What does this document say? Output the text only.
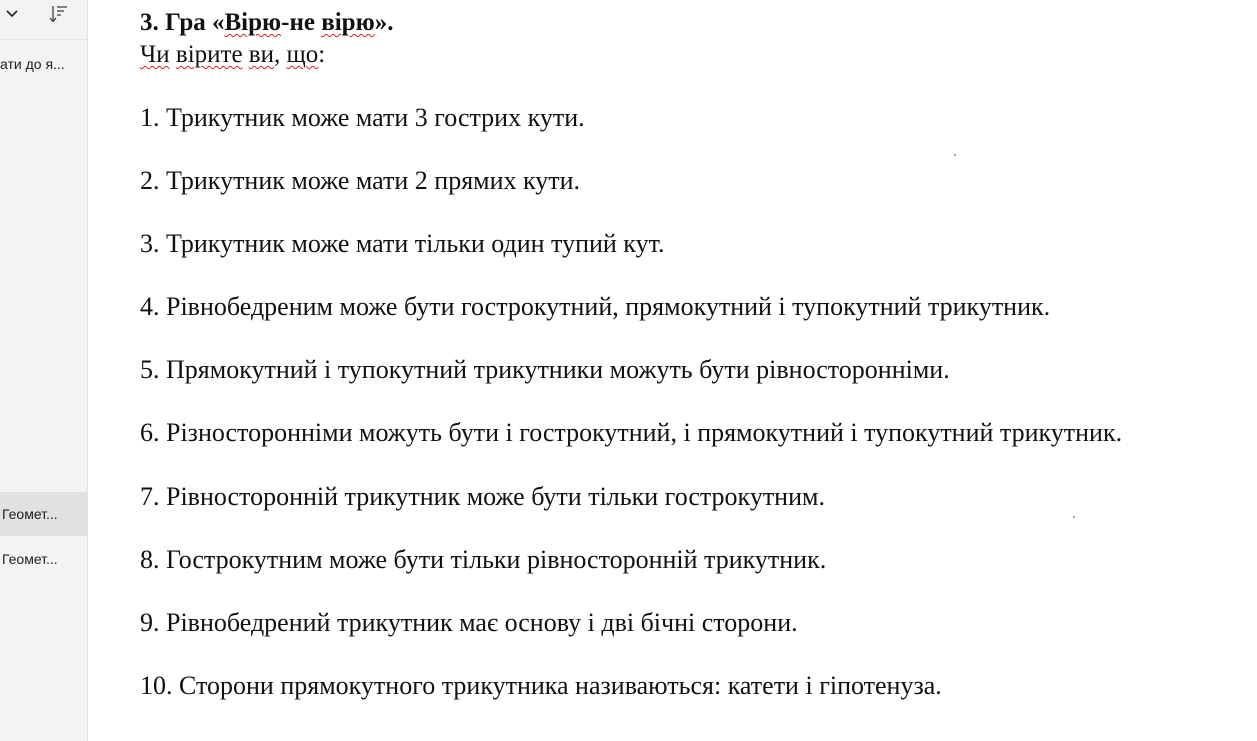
ати до я...
Геомет...
Геомет...
3. Гра «Вірю-не вірю».
Чи вірите ви, що:
1. Трикутник може мати 3 гострих кути.
2. Трикутник може мати 2 прямих кути.
3. Трикутник може мати тільки один тупий кут.
4. Рівнобедреним може бути гострокутний, прямокутний і тупокутний трикутник.
5. Прямокутний і тупокутний трикутники можуть бути рівносторонніми.
6. Різносторонніми можуть бути і гострокутний, і прямокутний і тупокутний трикутник.
7. Рівносторонній трикутник може бути тільки гострокутним.
8. Гострокутним може бути тільки рівносторонній трикутник.
9. Рівнобедрений трикутник має основу і дві бічні сторони.
10. Сторони прямокутного трикутника називаються: катети і гіпотенуза.
